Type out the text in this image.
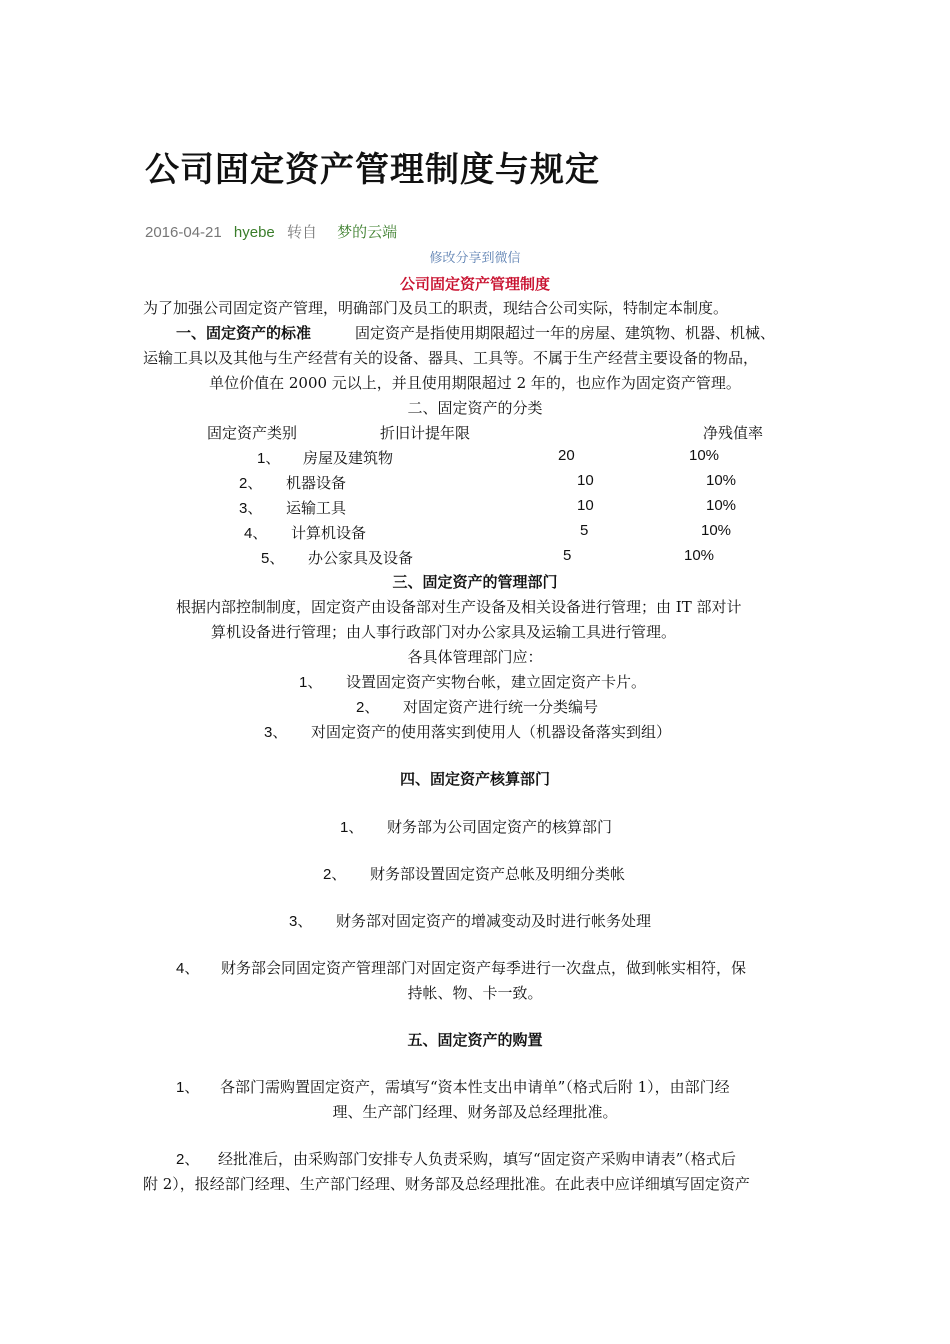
公司固定资产管理制度与规定
2016-04-21 hyebe 转自 梦的云端
修改分享到微信
公司固定资产管理制度
为了加强公司固定资产管理，明确部门及员工的职责，现结合公司实际，特制定本制度。
一、固定资产的标准	固定资产是指使用期限超过一年的房屋、建筑物、机器、机械、
运输工具以及其他与生产经营有关的设备、器具、工具等。不属于生产经营主要设备的物品，
单位价值在 2000 元以上，并且使用期限超过 2 年的，也应作为固定资产管理。
二、固定资产的分类
固定资产类别	折旧计提年限	净残值率
1、 房屋及建筑物	20	10%
2、 机器设备	10	10%
3、 运输工具	10	10%
4、 计算机设备	5	10%
5、 办公家具及设备	5	10%
三、固定资产的管理部门
根据内部控制制度，固定资产由设备部对生产设备及相关设备进行管理；由 IT 部对计
算机设备进行管理；由人事行政部门对办公家具及运输工具进行管理。
各具体管理部门应：
1、 设置固定资产实物台帐，建立固定资产卡片。
2、 对固定资产进行统一分类编号
3、 对固定资产的使用落实到使用人（机器设备落实到组）
四、固定资产核算部门
1、 财务部为公司固定资产的核算部门
2、 财务部设置固定资产总帐及明细分类帐
3、 财务部对固定资产的增减变动及时进行帐务处理
4、 财务部会同固定资产管理部门对固定资产每季进行一次盘点，做到帐实相符，保
持帐、物、卡一致。
五、固定资产的购置
1、 各部门需购置固定资产，需填写“资本性支出申请单”（格式后附 1），由部门经
理、生产部门经理、财务部及总经理批准。
2、 经批准后，由采购部门安排专人负责采购，填写“固定资产采购申请表”（格式后
附 2），报经部门经理、生产部门经理、财务部及总经理批准。在此表中应详细填写固定资产
